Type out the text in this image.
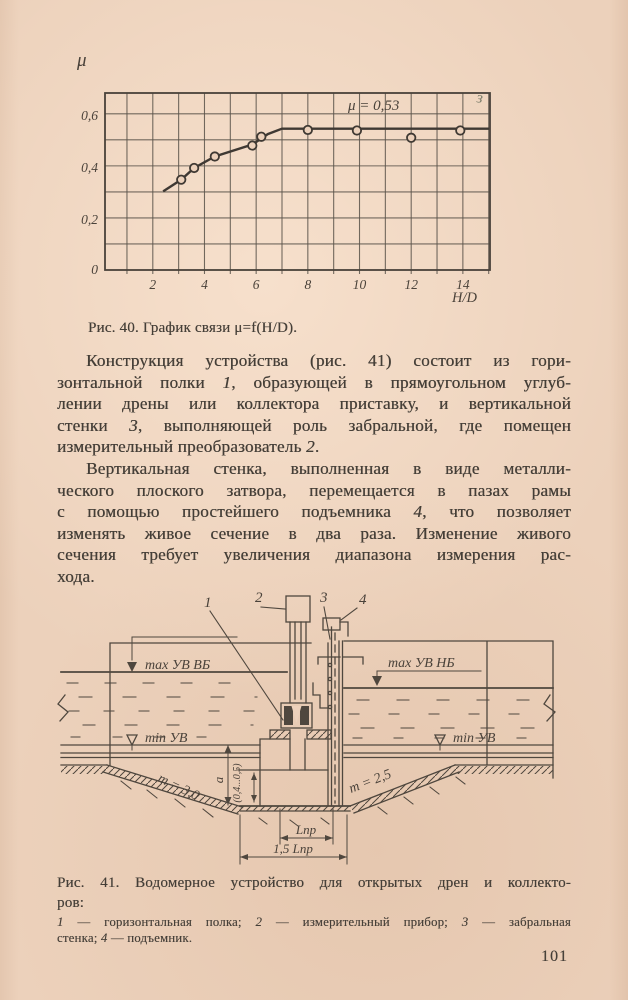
μ
0
0,2
0,4
0,6
2	4	6	8	10	12	14
H/D
μ = 0,53	з
Рис. 40. График связи μ=f(H/D).
Конструкция устройства (рис. 41) состоит из гори-
зонтальной полки 1, образующей в прямоугольном углуб-
лении дрены или коллектора приставку, и вертикальной
стенки 3, выполняющей роль забральной, где помещен
измерительный преобразователь 2.
Вертикальная стенка, выполненная в виде металли-
ческого плоского затвора, перемещается в пазах рамы
с помощью простейшего подъемника 4, что позволяет
изменять живое сечение в два раза. Изменение живого
сечения требует увеличения диапазона измерения рас-
хода.
1	2	3 4
max УВ ВБ	max УВ НБ
min УВ	min УВ
m = 3,0	m = 2,5
a (0,4...0,5)
Lпр
1,5 Lпр
Рис. 41. Водомерное устройство для открытых дрен и коллекто-
ров:
1 — горизонтальная полка; 2 — измерительный прибор; 3 — забральная
стенка; 4 — подъемник.
101
